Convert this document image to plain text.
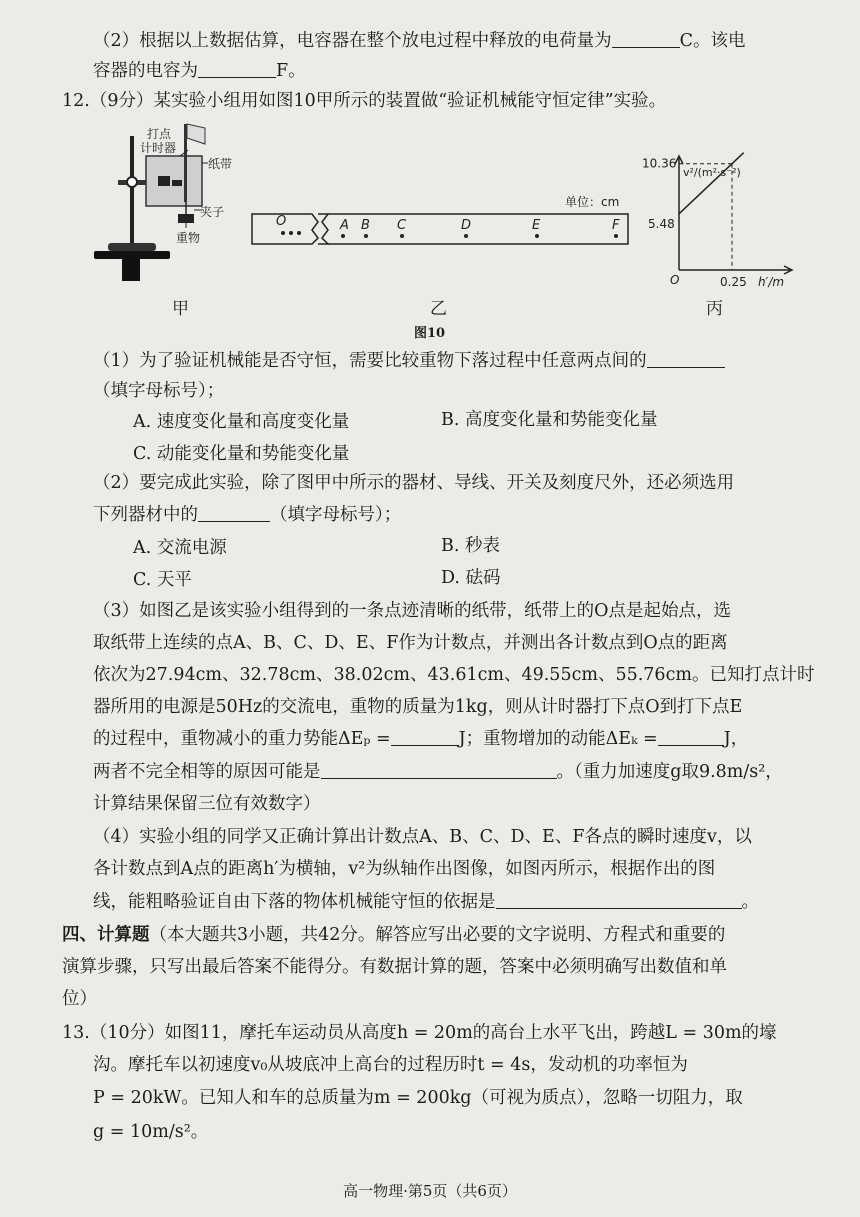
（2）根据以上数据估算，电容器在整个放电过程中释放的电荷量为	C。该电
容器的电容为	F。
12.（9分）某实验小组用如图10甲所示的装置做“验证机械能守恒定律”实验。
打点
计时器
纸带
夹子
重物
单位：cm
O	A B C	D	E	F
v²/(m²·s⁻²)
h′/m
O
10.36
5.48
0.25
甲	乙	丙
图10
（1）为了验证机械能是否守恒，需要比较重物下落过程中任意两点间的
（填字母标号）；
A. 速度变化量和高度变化量	B. 高度变化量和势能变化量
C. 动能变化量和势能变化量
（2）要完成此实验，除了图甲中所示的器材、导线、开关及刻度尺外，还必须选用
下列器材中的	（填字母标号）；
A. 交流电源	B. 秒表
C. 天平	D. 砝码
（3）如图乙是该实验小组得到的一条点迹清晰的纸带，纸带上的O点是起始点，选
取纸带上连续的点A、B、C、D、E、F作为计数点，并测出各计数点到O点的距离
依次为27.94cm、32.78cm、38.02cm、43.61cm、49.55cm、55.76cm。已知打点计时
器所用的电源是50Hz的交流电，重物的质量为1kg，则从计时器打下点O到打下点E
的过程中，重物减小的重力势能ΔEₚ =	J；重物增加的动能ΔEₖ =	J，
两者不完全相等的原因可能是	。（重力加速度g取9.8m/s²，
计算结果保留三位有效数字）
（4）实验小组的同学又正确计算出计数点A、B、C、D、E、F各点的瞬时速度v，以
各计数点到A点的距离h′为横轴，v²为纵轴作出图像，如图丙所示，根据作出的图
线，能粗略验证自由下落的物体机械能守恒的依据是	。
四、计算题（本大题共3小题，共42分。解答应写出必要的文字说明、方程式和重要的
演算步骤，只写出最后答案不能得分。有数据计算的题，答案中必须明确写出数值和单
位）
13.（10分）如图11，摩托车运动员从高度h = 20m的高台上水平飞出，跨越L = 30m的壕
沟。摩托车以初速度v₀从坡底冲上高台的过程历时t = 4s，发动机的功率恒为
P = 20kW。已知人和车的总质量为m = 200kg（可视为质点），忽略一切阻力，取
g = 10m/s²。
高一物理·第5页（共6页）
